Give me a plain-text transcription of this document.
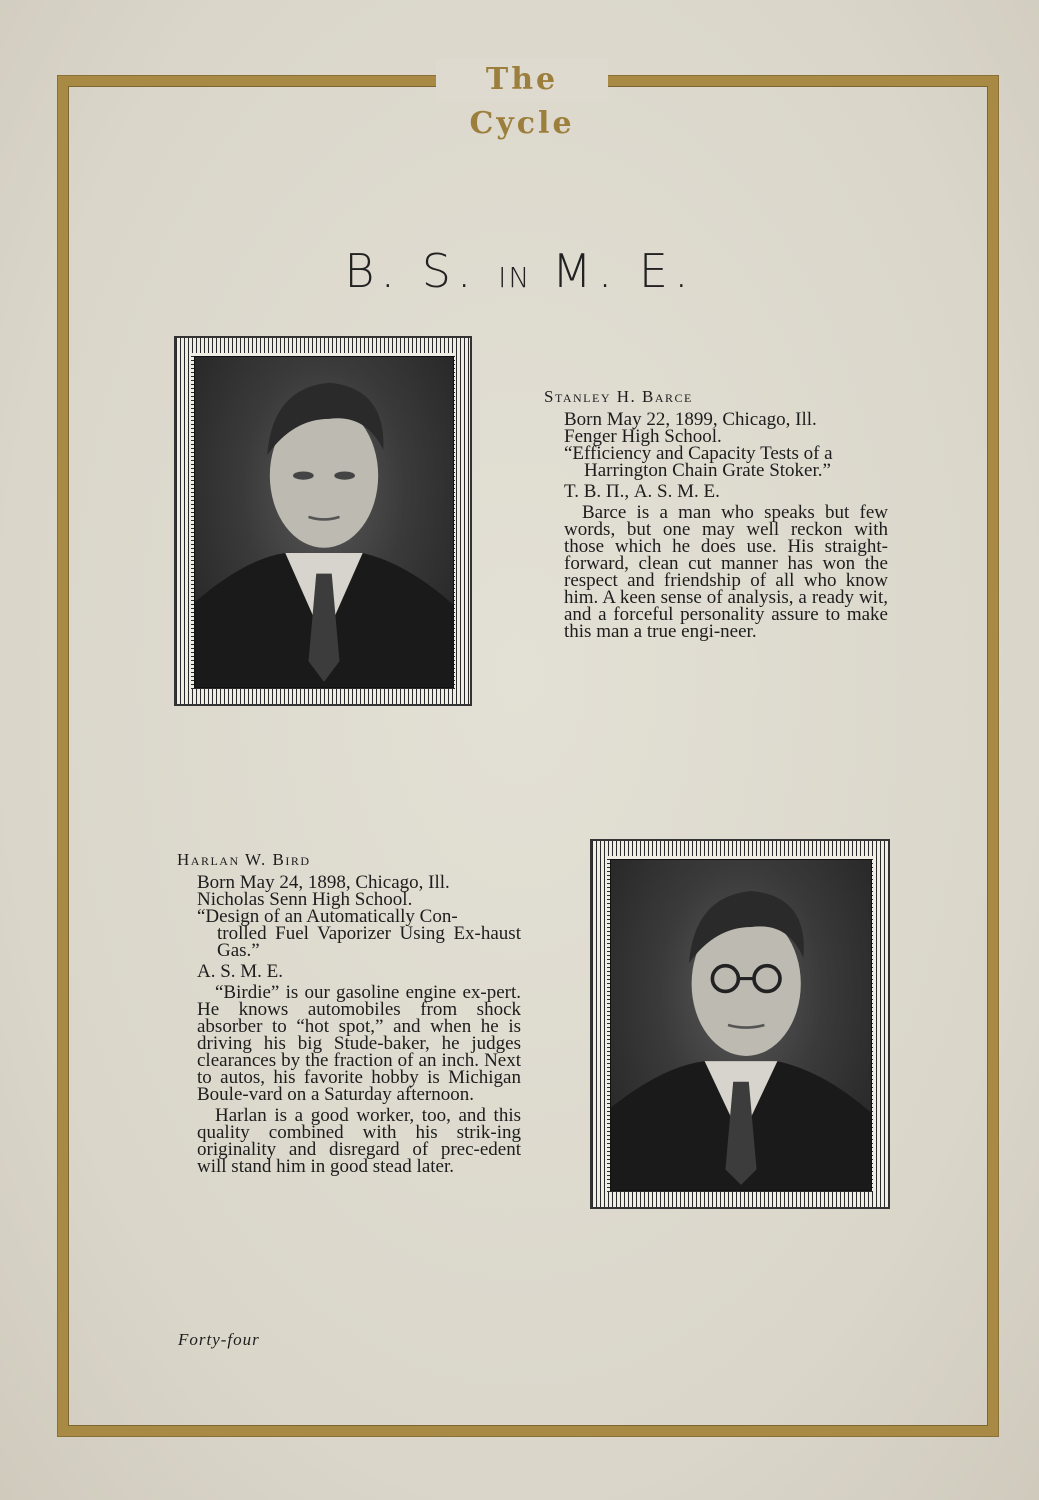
The Cycle
B. S. IN M. E.
Stanley H. Barce
Born May 22, 1899, Chicago, Ill.
Fenger High School.
“Efficiency and Capacity Tests of a
Harrington Chain Grate Stoker.”
T. B. Π., A. S. M. E.
Barce is a man who speaks but few words, but one may well reckon with those which he does use. His straight-forward, clean cut manner has won the respect and friendship of all who know him. A keen sense of analysis, a ready wit, and a forceful personality assure to make this man a true engi-neer.
Harlan W. Bird
Born May 24, 1898, Chicago, Ill.
Nicholas Senn High School.
“Design of an Automatically Con-
trolled Fuel Vaporizer Using Ex-haust Gas.”
A. S. M. E.
“Birdie” is our gasoline engine ex-pert. He knows automobiles from shock absorber to “hot spot,” and when he is driving his big Stude-baker, he judges clearances by the fraction of an inch. Next to autos, his favorite hobby is Michigan Boule-vard on a Saturday afternoon.
Harlan is a good worker, too, and this quality combined with his strik-ing originality and disregard of prec-edent will stand him in good stead later.
Forty-four
